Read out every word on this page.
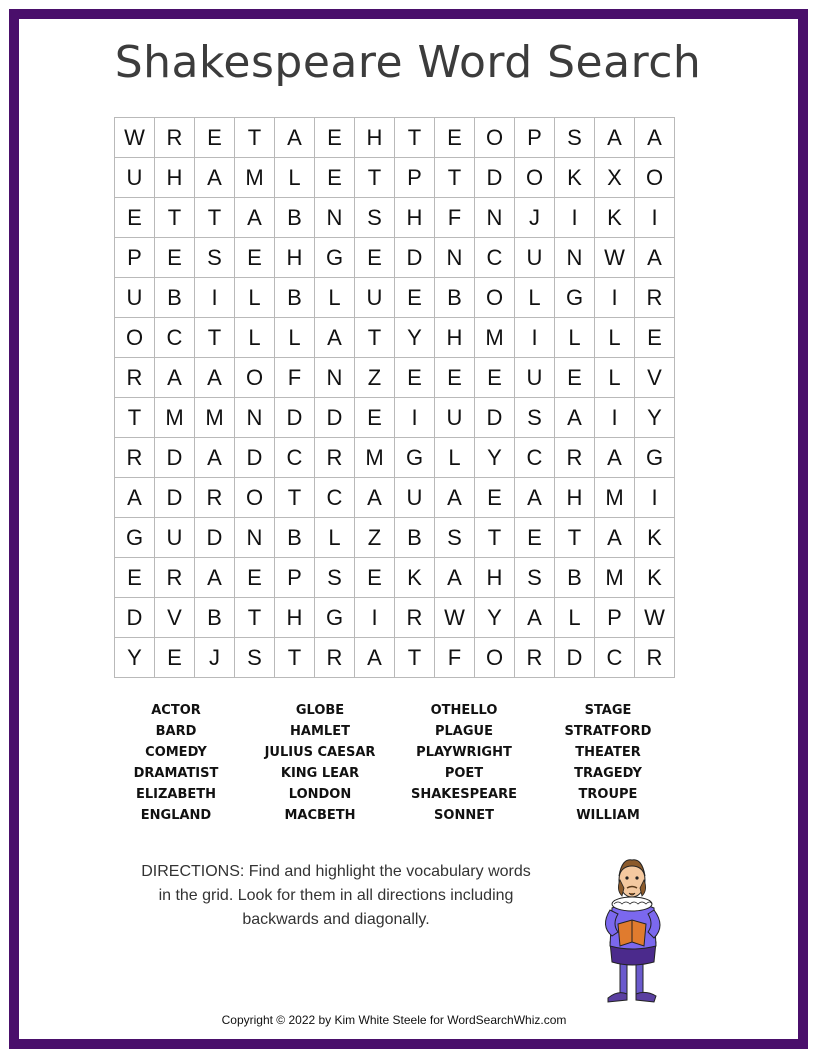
Shakespeare Word Search
W R	E	T	A	E	H	T	E	O	P	S	A	A
U	H	A	M	L	E	T	P	T	D	O	K	X	O
E	T	T	A	B	N	S	H	F	N	J	I	K	I
P	E	S	E	H	G	E	D	N	C	U	N W	A
U	B	I	L	B	L	U	E	B	O	L	G	I	R
O	C	T	L	L	A	T	Y	H	M	I	L	L	E
R	A	A	O	F	N	Z	E	E	E	U	E	L	V
T	M M	N	D	D	E	I	U	D	S	A	I	Y
R	D	A	D	C	R	M	G	L	Y	C	R	A	G
A	D	R	O	T	C	A	U	A	E	A	H	M	I
G	U	D	N	B	L	Z	B	S	T	E	T	A	K
E	R	A	E	P	S	E	K	A	H	S	B	M	K
D	V	B	T	H	G	I	R W	Y	A	L	P	W
Y	E	J	S	T	R	A	T	F	O	R	D	C	R
ACTOR
BARD
COMEDY
DRAMATIST
ELIZABETH
ENGLAND
GLOBE
HAMLET
JULIUS CAESAR
KING LEAR
LONDON
MACBETH
OTHELLO
PLAGUE
PLAYWRIGHT
POET
SHAKESPEARE
SONNET
STAGE
STRATFORD
THEATER
TRAGEDY
TROUPE
WILLIAM
DIRECTIONS: Find and highlight the vocabulary words in the grid. Look for them in all directions including backwards and diagonally.
Copyright © 2022 by Kim White Steele for WordSearchWhiz.com
